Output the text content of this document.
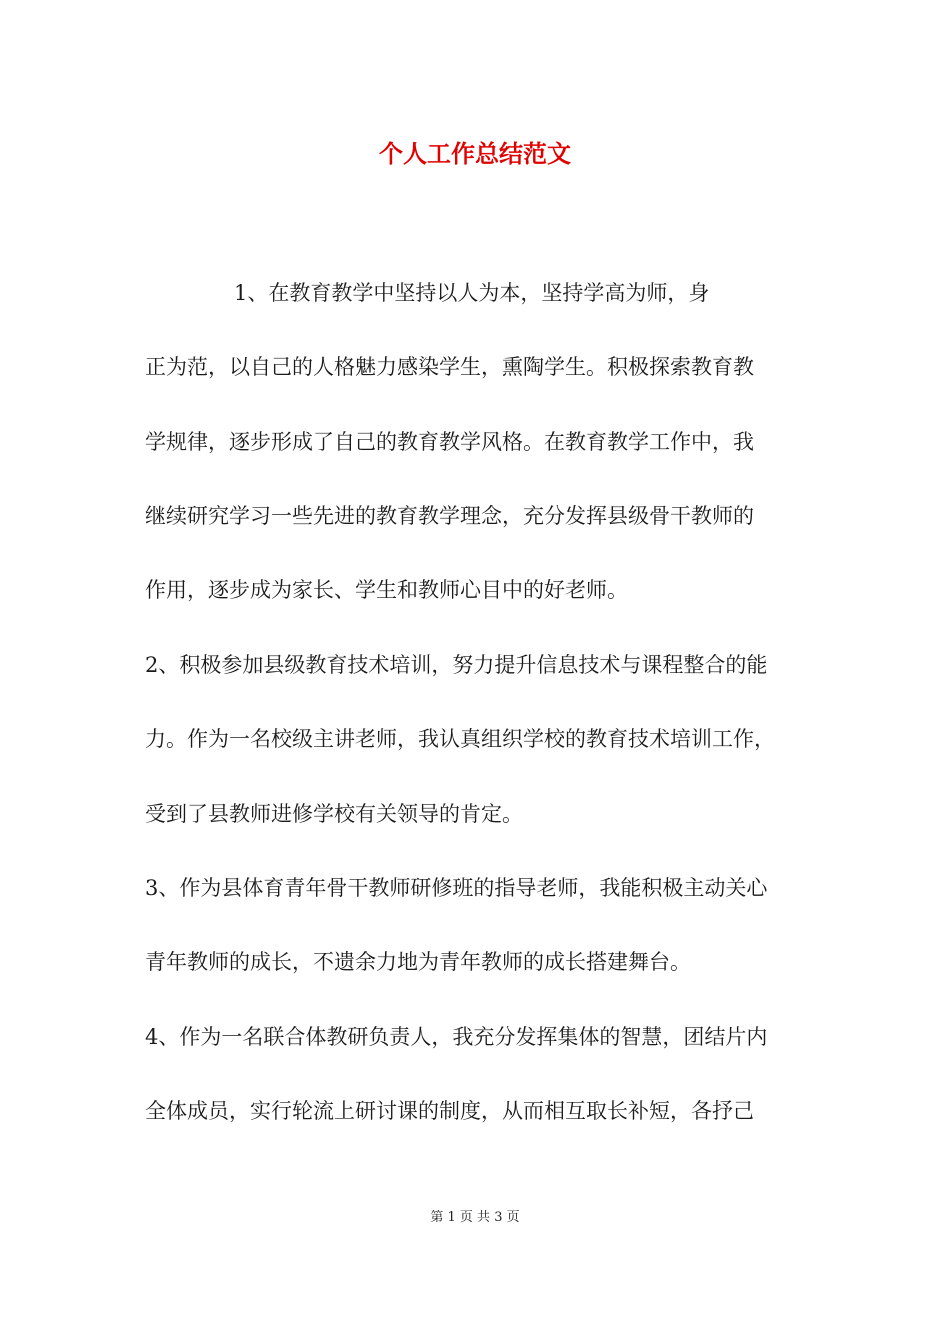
个人工作总结范文

1、在教育教学中坚持以人为本，坚持学高为师，身

正为范，以自己的人格魅力感染学生，熏陶学生。积极探索教育教

学规律，逐步形成了自己的教育教学风格。在教育教学工作中，我

继续研究学习一些先进的教育教学理念，充分发挥县级骨干教师的

作用，逐步成为家长、学生和教师心目中的好老师。

2、积极参加县级教育技术培训，努力提升信息技术与课程整合的能

力。作为一名校级主讲老师，我认真组织学校的教育技术培训工作，

受到了县教师进修学校有关领导的肯定。

3、作为县体育青年骨干教师研修班的指导老师，我能积极主动关心

青年教师的成长，不遗余力地为青年教师的成长搭建舞台。

4、作为一名联合体教研负责人，我充分发挥集体的智慧，团结片内

全体成员，实行轮流上研讨课的制度，从而相互取长补短，各抒己

第 1 页 共 3 页
